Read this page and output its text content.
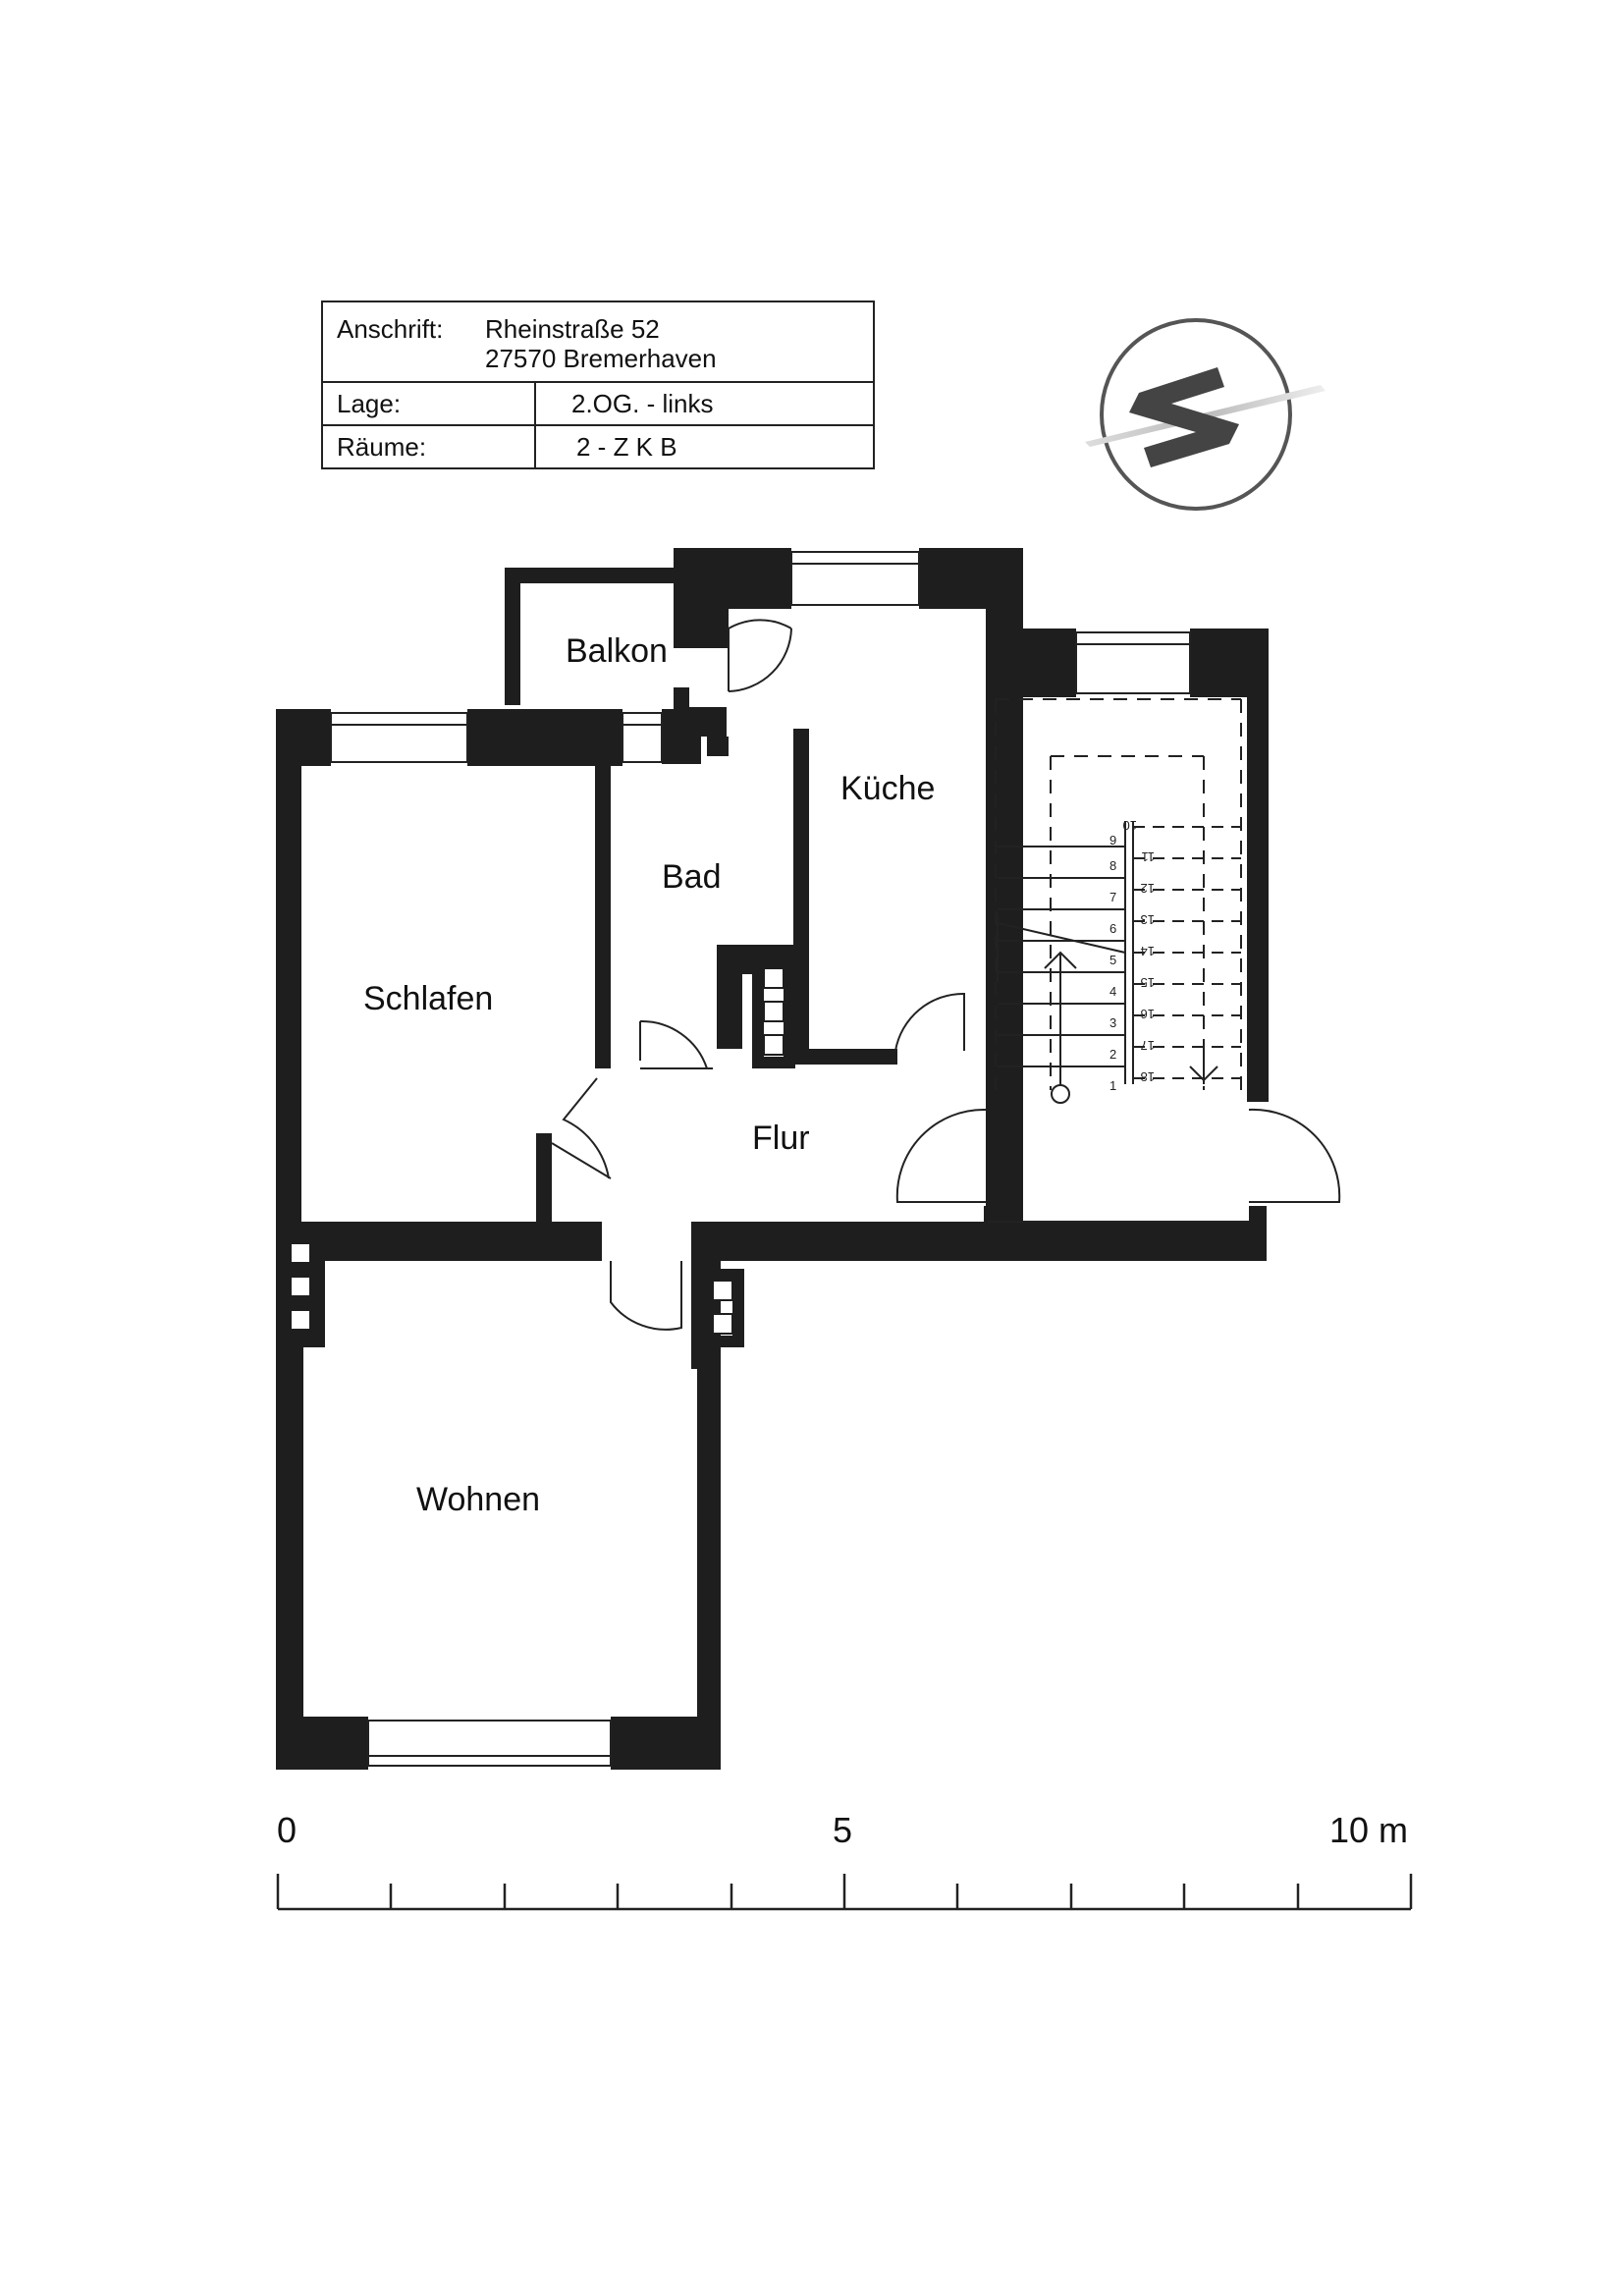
Anschrift: Rheinstraße 52
27570 Bremerhaven
Lage:	2.OG. - links
Räume:	2 - Z K B
1
2
3
4
5
6
7
8
9
10
11
12
13
14
15
16
17
18
Balkon
Küche
Bad
Schlafen
Flur
Wohnen
0	5	10 m
